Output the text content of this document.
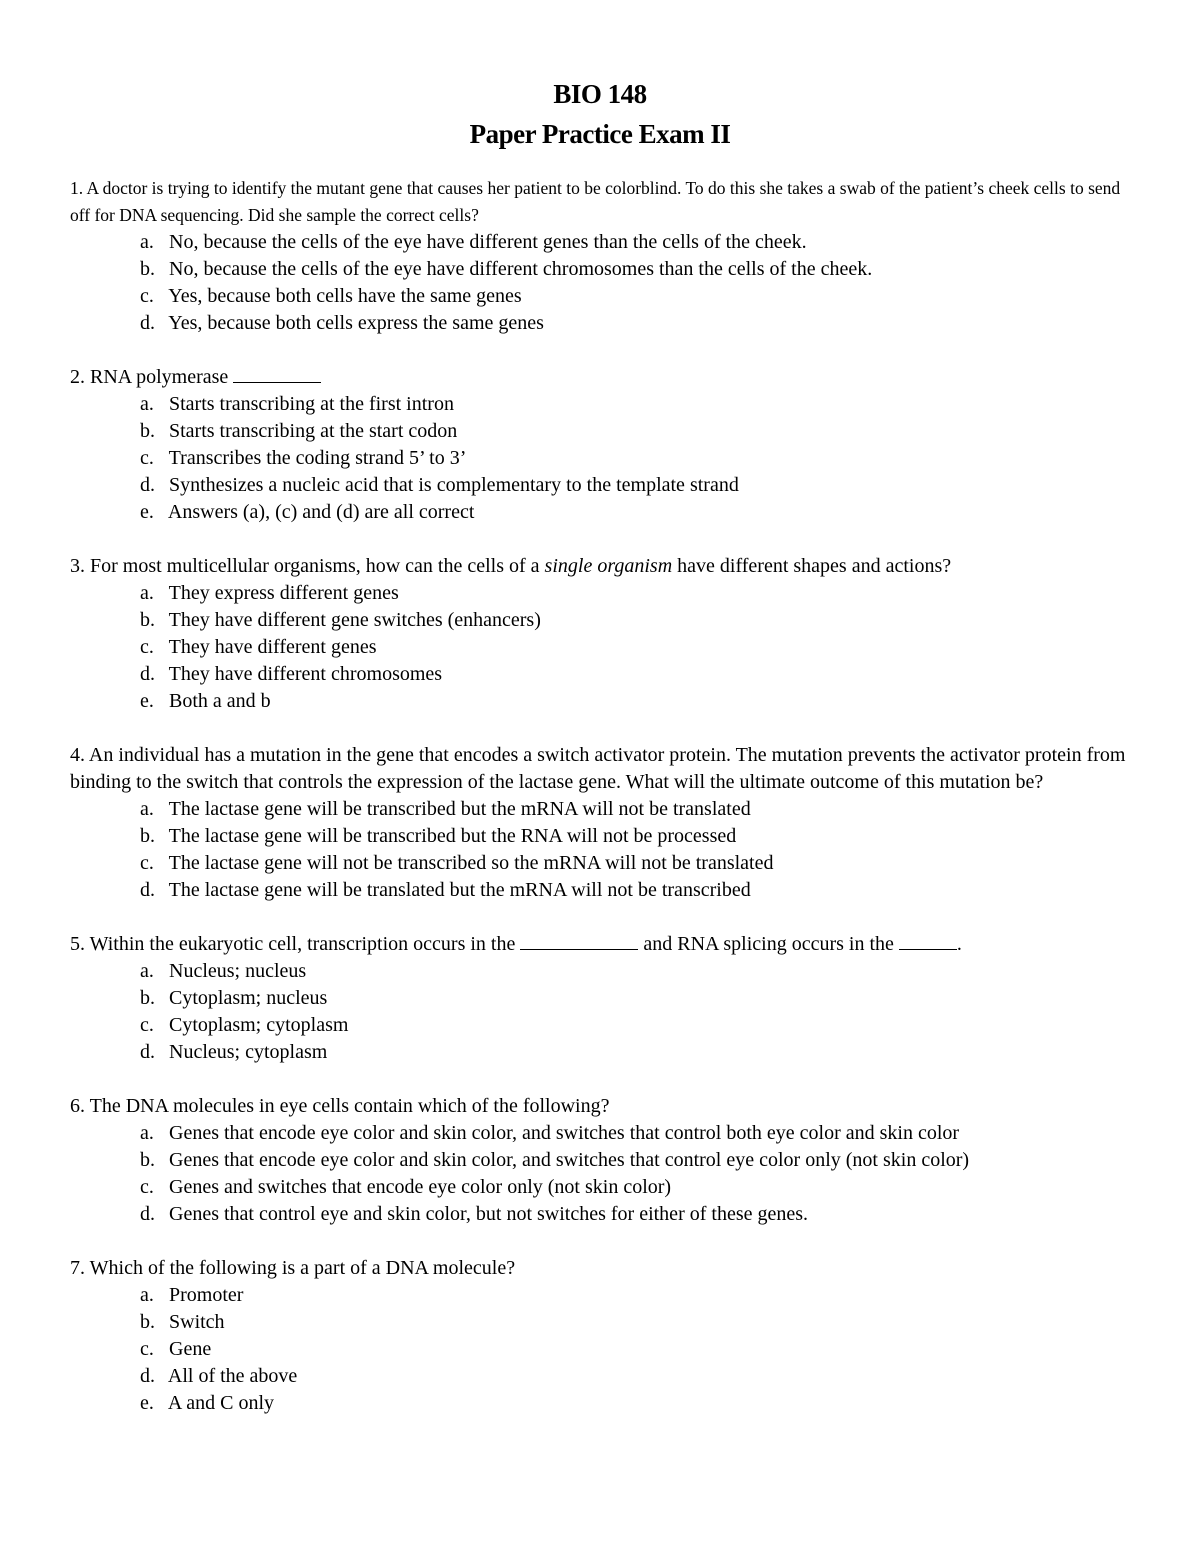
BIO 148
Paper Practice Exam II
1. A doctor is trying to identify the mutant gene that causes her patient to be colorblind. To do this she takes a swab of the patient’s cheek cells to send off for DNA sequencing. Did she sample the correct cells?
a. No, because the cells of the eye have different genes than the cells of the cheek.
b. No, because the cells of the eye have different chromosomes than the cells of the cheek.
c. Yes, because both cells have the same genes
d. Yes, because both cells express the same genes
2. RNA polymerase
a. Starts transcribing at the first intron
b. Starts transcribing at the start codon
c. Transcribes the coding strand 5’ to 3’
d. Synthesizes a nucleic acid that is complementary to the template strand
e. Answers (a), (c) and (d) are all correct
3. For most multicellular organisms, how can the cells of a single organism have different shapes and actions?
a. They express different genes
b. They have different gene switches (enhancers)
c. They have different genes
d. They have different chromosomes
e. Both a and b
4. An individual has a mutation in the gene that encodes a switch activator protein. The mutation prevents the activator protein from binding to the switch that controls the expression of the lactase gene. What will the ultimate outcome of this mutation be?
a. The lactase gene will be transcribed but the mRNA will not be translated
b. The lactase gene will be transcribed but the RNA will not be processed
c. The lactase gene will not be transcribed so the mRNA will not be translated
d. The lactase gene will be translated but the mRNA will not be transcribed
5. Within the eukaryotic cell, transcription occurs in the	and RNA splicing occurs in the	.
a. Nucleus; nucleus
b. Cytoplasm; nucleus
c. Cytoplasm; cytoplasm
d. Nucleus; cytoplasm
6. The DNA molecules in eye cells contain which of the following?
a. Genes that encode eye color and skin color, and switches that control both eye color and skin color
b. Genes that encode eye color and skin color, and switches that control eye color only (not skin color)
c. Genes and switches that encode eye color only (not skin color)
d. Genes that control eye and skin color, but not switches for either of these genes.
7. Which of the following is a part of a DNA molecule?
a. Promoter
b. Switch
c. Gene
d. All of the above
e. A and C only
